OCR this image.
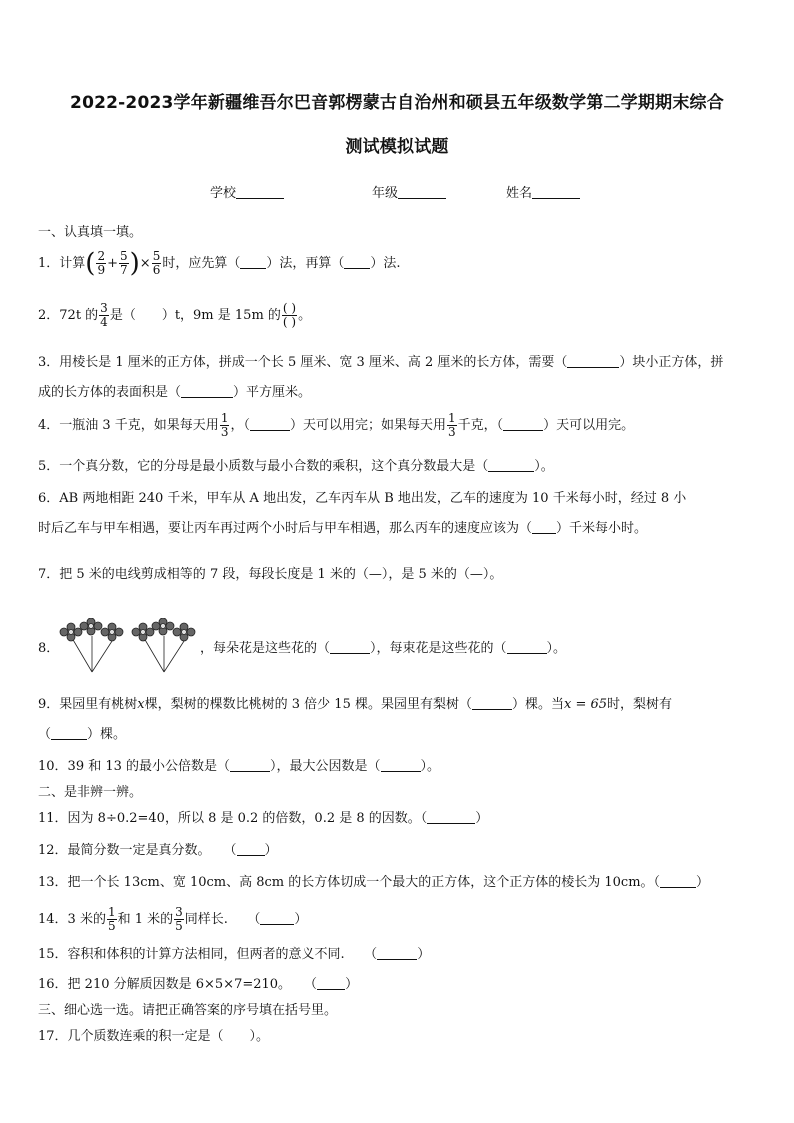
2022-2023学年新疆维吾尔巴音郭楞蒙古自治州和硕县五年级数学第二学期期末综合
测试模拟试题
学校	年级	姓名
一、认真填一填。
1．计算( $\frac{2}{9} + \frac{5}{7}$ )× $\frac{5}{6}$ 时，应先算（ ）法，再算（ ）法.
2．72t 的 $\frac{3}{4}$ 是（　　）t，9m 是 15m 的 $\frac{( )}{( )}$ 。
3．用棱长是 1 厘米的正方体，拼成一个长 5 厘米、宽 3 厘米、高 2 厘米的长方体，需要（	）块小正方体，拼
成的长方体的表面积是（	）平方厘米。
4．一瓶油 3 千克，如果每天用 $\frac{1}{3}$ ，（	）天可以用完；如果每天用 $\frac{1}{3}$ 千克，（	）天可以用完。
5．一个真分数，它的分母是最小质数与最小合数的乘积，这个真分数最大是（	）。
6．AB 两地相距 240 千米，甲车从 A 地出发，乙车丙车从 B 地出发，乙车的速度为 10 千米每小时，经过 8 小
时后乙车与甲车相遇，要让丙车再过两个小时后与甲车相遇，那么丙车的速度应该为（ ）千米每小时。
7．把 5 米的电线剪成相等的 7 段，每段长度是 1 米的（—），是 5 米的（—）。
8．	，每朵花是这些花的（	），每束花是这些花的（	）。
9．果园里有桃树x棵，梨树的棵数比桃树的 3 倍少 15 棵。果园里有梨树（	）棵。当x = 65时，梨树有
（	）棵。
10．39 和 13 的最小公倍数是（	），最大公因数是（	）。
二、是非辨一辨。
11．因为 8÷0.2=40，所以 8 是 0.2 的倍数，0.2 是 8 的因数。（	）
12．最简分数一定是真分数。　　（ ）
13．把一个长 13cm、宽 10cm、高 8cm 的长方体切成一个最大的正方体，这个正方体的棱长为 10cm。（	）
14．3 米的 $\frac{1}{5}$ 和 1 米的 $\frac{3}{5}$ 同样长.　　（	）
15．容积和体积的计算方法相同，但两者的意义不同.　　（	）
16．把 210 分解质因数是 6×5×7=210。　　（ ）
三、细心选一选。请把正确答案的序号填在括号里。
17．几个质数连乘的积一定是（　　）。
